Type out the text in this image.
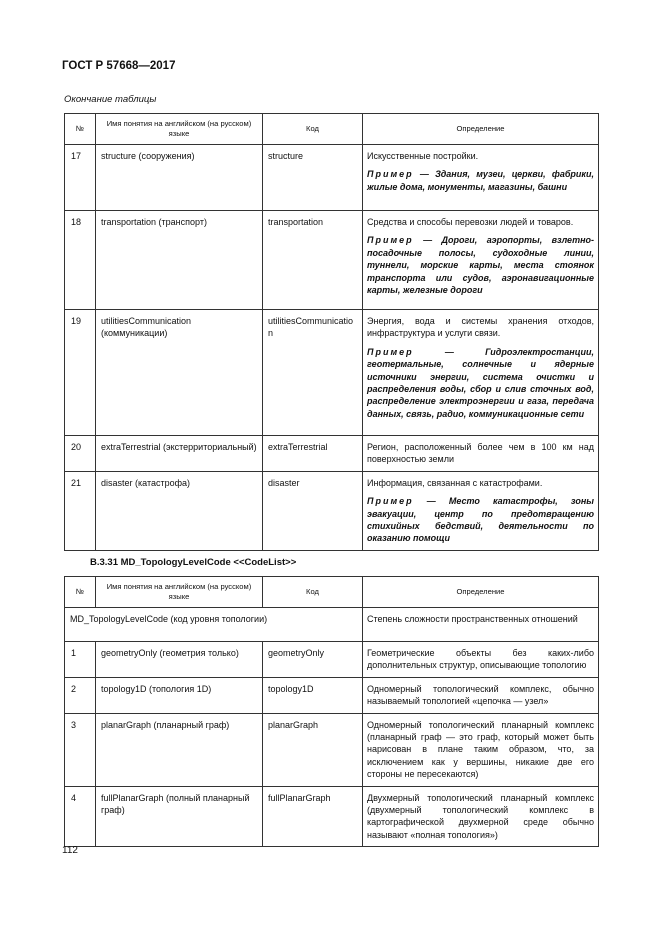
ГОСТ Р 57668—2017
Окончание таблицы
№	Имя понятия на английском (на русском) языке	Код	Определение
17	structure (сооружения)	structure	Искусственные постройки.
Пример — Здания, музеи, церкви, фабрики, жилые дома, монументы, магазины, башни

18	transportation (транспорт)	transportation	Средства и способы перевозки людей и товаров.
Пример — Дороги, аэропорты, взлетно-посадочные полосы, судоходные линии, туннели, морские карты, места стоянок транспорта или судов, аэронавигационные карты, железные дороги

19	utilitiesCommunication (коммуникации)	utilitiesCommunication	Энергия, вода и системы хранения отходов, инфраструктура и услуги связи.
Пример — Гидроэлектростанции, геотермальные, солнечные и ядерные источники энергии, система очистки и распределения воды, сбор и слив сточных вод, распределение электроэнергии и газа, передача данных, связь, радио, коммуникационные сети

20	extraTerrestrial (экстерриториальный)	extraTerrestrial	Регион, расположенный более чем в 100 км над поверхностью земли

21	disaster (катастрофа)	disaster	Информация, связанная с катастрофами.
Пример — Место катастрофы, зоны эвакуации, центр по предотвращению стихийных бедствий, деятельности по оказанию помощи
В.3.31 MD_TopologyLevelCode <<CodeList>>
№	Имя понятия на английском (на русском) языке	Код	Определение
MD_TopologyLevelCode (код уровня топологии)			Степень сложности пространственных отношений
1	geometryOnly (геометрия только)	geometryOnly	Геометрические объекты без каких-либо дополнительных структур, описывающие топологию
2	topology1D (топология 1D)	topology1D	Одномерный топологический комплекс, обычно называемый топологией «цепочка — узел»
3	planarGraph (планарный граф)	planarGraph	Одномерный топологический планарный комплекс (планарный граф — это граф, который может быть нарисован в плане таким образом, что, за исключением как у вершины, никакие две его стороны не пересекаются)
4	fullPlanarGraph (полный планарный граф)	fullPlanarGraph	Двухмерный топологический планарный комплекс (двухмерный топологический комплекс в картографической двухмерной среде обычно называют «полная топология»)
112
